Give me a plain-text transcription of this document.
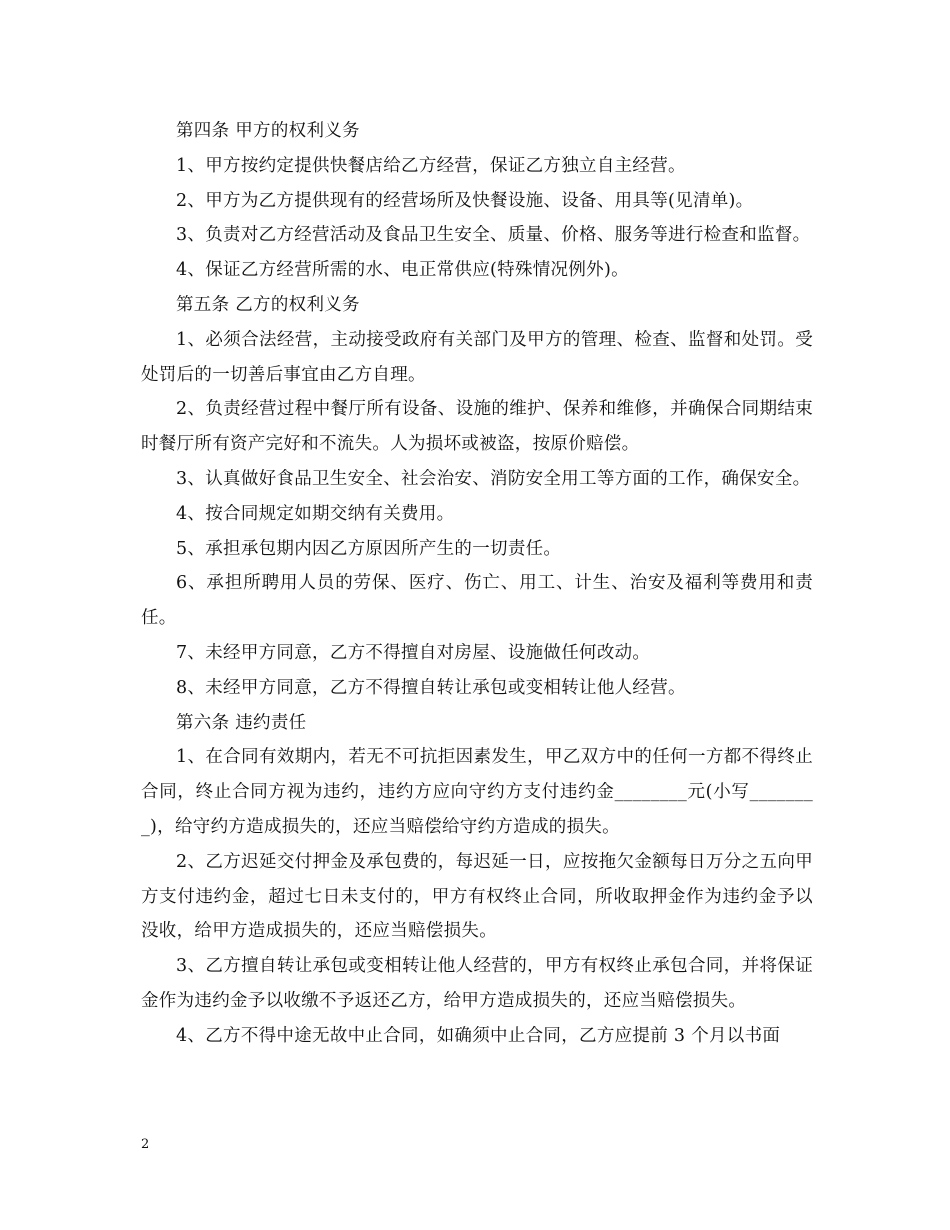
第四条 甲方的权利义务

1、甲方按约定提供快餐店给乙方经营，保证乙方独立自主经营。

2、甲方为乙方提供现有的经营场所及快餐设施、设备、用具等(见清单)。

3、负责对乙方经营活动及食品卫生安全、质量、价格、服务等进行检查和监督。

4、保证乙方经营所需的水、电正常供应(特殊情况例外)。

第五条 乙方的权利义务

1、必须合法经营，主动接受政府有关部门及甲方的管理、检查、监督和处罚。受处罚后的一切善后事宜由乙方自理。

2、负责经营过程中餐厅所有设备、设施的维护、保养和维修，并确保合同期结束时餐厅所有资产完好和不流失。人为损坏或被盗，按原价赔偿。

3、认真做好食品卫生安全、社会治安、消防安全用工等方面的工作，确保安全。

4、按合同规定如期交纳有关费用。

5、承担承包期内因乙方原因所产生的一切责任。

6、承担所聘用人员的劳保、医疗、伤亡、用工、计生、治安及福利等费用和责任。

7、未经甲方同意，乙方不得擅自对房屋、设施做任何改动。

8、未经甲方同意，乙方不得擅自转让承包或变相转让他人经营。

第六条 违约责任

1、在合同有效期内，若无不可抗拒因素发生，甲乙双方中的任何一方都不得终止合同，终止合同方视为违约，违约方应向守约方支付违约金________元(小写________)，给守约方造成损失的，还应当赔偿给守约方造成的损失。

2、乙方迟延交付押金及承包费的，每迟延一日，应按拖欠金额每日万分之五向甲方支付违约金，超过七日未支付的，甲方有权终止合同，所收取押金作为违约金予以没收，给甲方造成损失的，还应当赔偿损失。

3、乙方擅自转让承包或变相转让他人经营的，甲方有权终止承包合同，并将保证金作为违约金予以收缴不予返还乙方，给甲方造成损失的，还应当赔偿损失。

4、乙方不得中途无故中止合同，如确须中止合同，乙方应提前 3 个月以书面

2
